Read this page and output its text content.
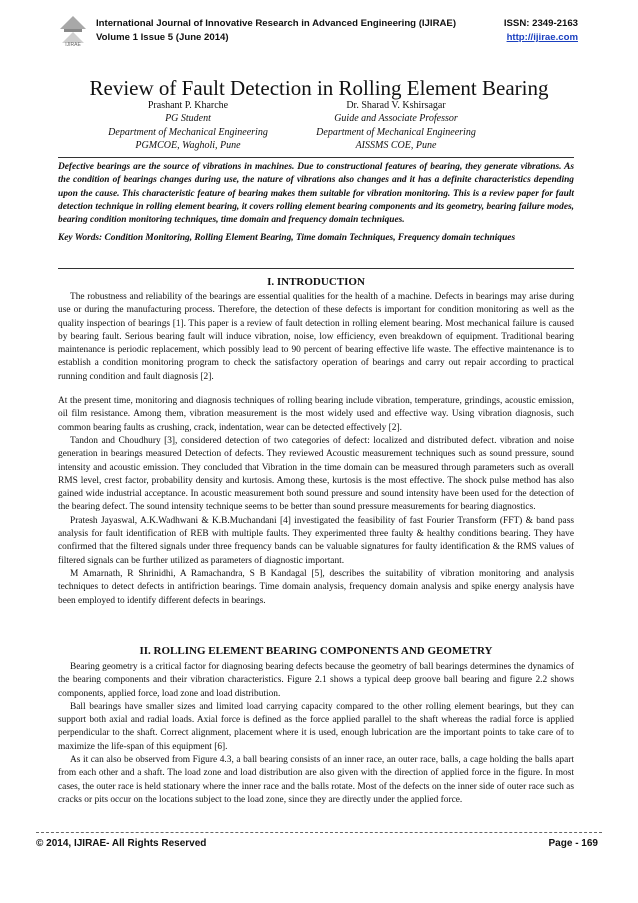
IJIRAE
International Journal of Innovative Research in Advanced Engineering (IJIRAE)
Volume 1 Issue 5 (June 2014)
ISSN: 2349-2163
http://ijirae.com
Review of Fault Detection in Rolling Element Bearing
Prashant P. Kharche
PG Student
Department of Mechanical Engineering
PGMCOE, Wagholi, Pune
Dr. Sharad V. Kshirsagar
Guide and Associate Professor
Department of Mechanical Engineering
AISSMS COE, Pune

Defective bearings are the source of vibrations in machines. Due to constructional features of bearing, they generate vibrations. As the condition of bearings changes during use, the nature of vibrations also changes and it has a definite characteristics depending upon the cause. This characteristic feature of bearing makes them suitable for vibration monitoring. This is a review paper for fault detection technique in rolling element bearing, it covers rolling element bearing components and its geometry, bearing failure modes, bearing condition monitoring techniques, time domain and frequency domain techniques.

Key Words: Condition Monitoring, Rolling Element Bearing, Time domain Techniques, Frequency domain techniques

I. INTRODUCTION

The robustness and reliability of the bearings are essential qualities for the health of a machine. Defects in bearings may arise during use or during the manufacturing process. Therefore, the detection of these defects is important for condition monitoring as well as the quality inspection of bearings [1]. This paper is a review of fault detection in rolling element bearing. Most mechanical failure is caused by bearing fault. Serious bearing fault will induce vibration, noise, low efficiency, even breakdown of equipment. Traditional bearing maintenance is periodic replacement, which possibly lead to 90 percent of bearing effective life waste. The effective maintenance is to establish a condition monitoring program to check the satisfactory operation of bearings and carry out repair according to practical running condition and fault diagnosis [2].

At the present time, monitoring and diagnosis techniques of rolling bearing include vibration, temperature, grindings, acoustic emission, oil film resistance. Among them, vibration measurement is the most widely used and effective way. Using vibration diagnosis, such common bearing faults as crushing, crack, indentation, wear can be detected effectively [2].

Tandon and Choudhury [3], considered detection of two categories of defect: localized and distributed defect. vibration and noise generation in bearings measured Detection of defects. They reviewed Acoustic measurement techniques such as sound pressure, sound intensity and acoustic emission. They concluded that Vibration in the time domain can be measured through parameters such as overall RMS level, crest factor, probability density and kurtosis. Among these, kurtosis is the most effective. The shock pulse method has also gained wide industrial acceptance. In acoustic measurement both sound pressure and sound intensity have been used for the detection of the bearing defect. The sound intensity technique seems to be better than sound pressure measurements for bearing diagnostics.

Pratesh Jayaswal, A.K.Wadhwani & K.B.Muchandani [4] investigated the feasibility of fast Fourier Transform (FFT) & band pass analysis for fault identification of REB with multiple faults. They experimented three faulty & healthy conditions bearing. They have confirmed that the filtered signals under three frequency bands can be valuable signatures for faulty identification & the RMS values of filtered signals can be further utilized as parameters of diagnostic important.

M Amarnath, R Shrinidhi, A Ramachandra, S B Kandagal [5], describes the suitability of vibration monitoring and analysis techniques to detect defects in antifriction bearings. Time domain analysis, frequency domain analysis and spike energy analysis have been employed to identify different defects in bearings.

II. ROLLING ELEMENT BEARING COMPONENTS AND GEOMETRY

Bearing geometry is a critical factor for diagnosing bearing defects because the geometry of ball bearings determines the dynamics of the bearing components and their vibration characteristics. Figure 2.1 shows a typical deep groove ball bearing and figure 2.2 shows components, applied force, load zone and load distribution.

Ball bearings have smaller sizes and limited load carrying capacity compared to the other rolling element bearings, but they can support both axial and radial loads. Axial force is defined as the force applied parallel to the shaft whereas the radial force is applied perpendicular to the shaft. Correct alignment, placement where it is used, enough lubrication are the important points to take care of to maximize the life-span of this equipment [6].

As it can also be observed from Figure 4.3, a ball bearing consists of an inner race, an outer race, balls, a cage holding the balls apart from each other and a shaft. The load zone and load distribution are also given with the direction of applied force in the figure. In most cases, the outer race is held stationary where the inner race and the balls rotate. Most of the defects on the inner side of outer race such as cracks or pits occur on the locations subject to the load zone, since they are directly under the applied force.

© 2014, IJIRAE- All Rights Reserved	Page - 169
